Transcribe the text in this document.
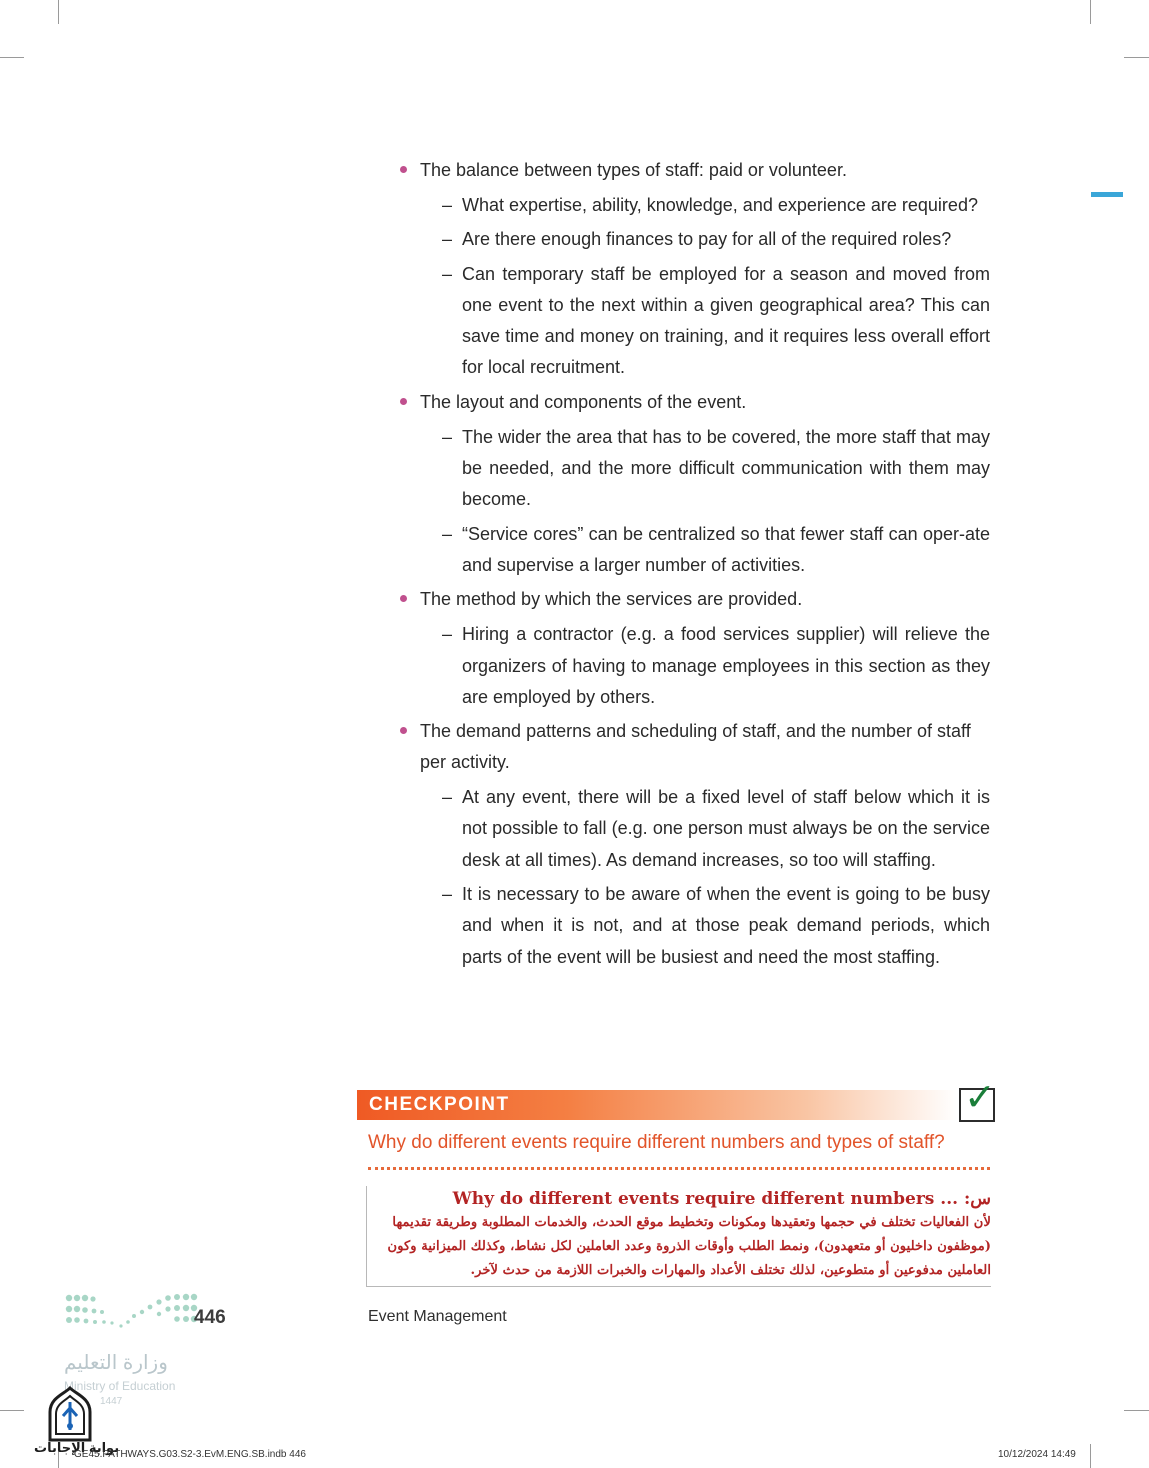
The balance between types of staff: paid or volunteer.
– What expertise, ability, knowledge, and experience are required?
– Are there enough finances to pay for all of the required roles?
– Can temporary staff be employed for a season and moved from one event to the next within a given geographical area? This can save time and money on training, and it requires less overall effort for local recruitment.
The layout and components of the event.
– The wider the area that has to be covered, the more staff that may be needed, and the more difficult communication with them may become.
– “Service cores” can be centralized so that fewer staff can oper-ate and supervise a larger number of activities.
The method by which the services are provided.
– Hiring a contractor (e.g. a food services supplier) will relieve the organizers of having to manage employees in this section as they are employed by others.
The demand patterns and scheduling of staff, and the number of staff per activity.
– At any event, there will be a fixed level of staff below which it is not possible to fall (e.g. one person must always be on the service desk at all times). As demand increases, so too will staffing.
– It is necessary to be aware of when the event is going to be busy and when it is not, and at those peak demand periods, which parts of the event will be busiest and need the most staffing.
CHECKPOINT	✓
Why do different events require different numbers and types of staff?
س: Why do different events require different numbers ...
لأن الفعاليات تختلف في حجمها وتعقيدها ومكونات وتخطيط موقع الحدث، والخدمات المطلوبة وطريقة تقديمها
(موظفون داخليون أو متعهدون)، ونمط الطلب وأوقات الذروة وعدد العاملين لكل نشاط، وكذلك الميزانية وكون
العاملين مدفوعين أو متطوعين، لذلك تختلف الأعداد والمهارات والخبرات اللازمة من حدث لآخر.
446	Event Management
وزارة التعليم
Ministry of Education
1447
بوابة الإجابات
GE45.PATHWAYS.G03.S2-3.EvM.ENG.SB.indb 446	10/12/2024 14:49
